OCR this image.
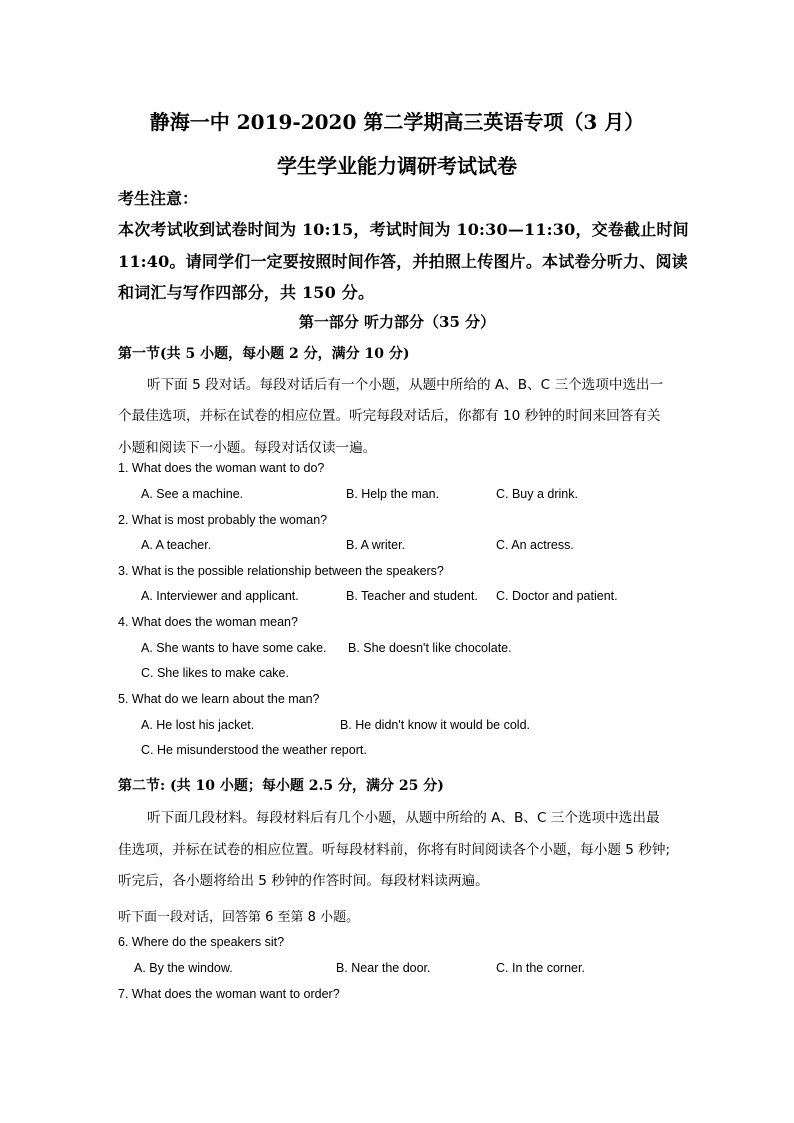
静海一中 2019-2020 第二学期高三英语专项（3 月）
学生学业能力调研考试试卷
考生注意：
本次考试收到试卷时间为 10:15，考试时间为 10:30—11:30，交卷截止时间
11:40。请同学们一定要按照时间作答，并拍照上传图片。本试卷分听力、阅读
和词汇与写作四部分，共 150 分。
第一部分 听力部分（35 分）
第一节(共 5 小题，每小题 2 分，满分 10 分)
听下面 5 段对话。每段对话后有一个小题，从题中所给的 A、B、C 三个选项中选出一
个最佳选项，并标在试卷的相应位置。听完每段对话后，你都有 10 秒钟的时间来回答有关
小题和阅读下一小题。每段对话仅读一遍。
1. What does the woman want to do?
A. See a machine.	B. Help the man.	C. Buy a drink.
2. What is most probably the woman?
A. A teacher.	B. A writer.	C. An actress.
3. What is the possible relationship between the speakers?
A. Interviewer and applicant.	B. Teacher and student. C. Doctor and patient.
4. What does the woman mean?
A. She wants to have some cake. B. She doesn't like chocolate.
C. She likes to make cake.
5. What do we learn about the man?
A. He lost his jacket.	B. He didn't know it would be cold.
C. He misunderstood the weather report.
第二节: (共 10 小题；每小题 2.5 分，满分 25 分)
听下面几段材料。每段材料后有几个小题，从题中所给的 A、B、C 三个选项中选出最
佳选项，并标在试卷的相应位置。听每段材料前，你将有时间阅读各个小题，每小题 5 秒钟;
听完后，各小题将给出 5 秒钟的作答时间。每段材料读两遍。
听下面一段对话，回答第 6 至第 8 小题。
6. Where do the speakers sit?
A. By the window.	B. Near the door.	C. In the corner.
7. What does the woman want to order?
